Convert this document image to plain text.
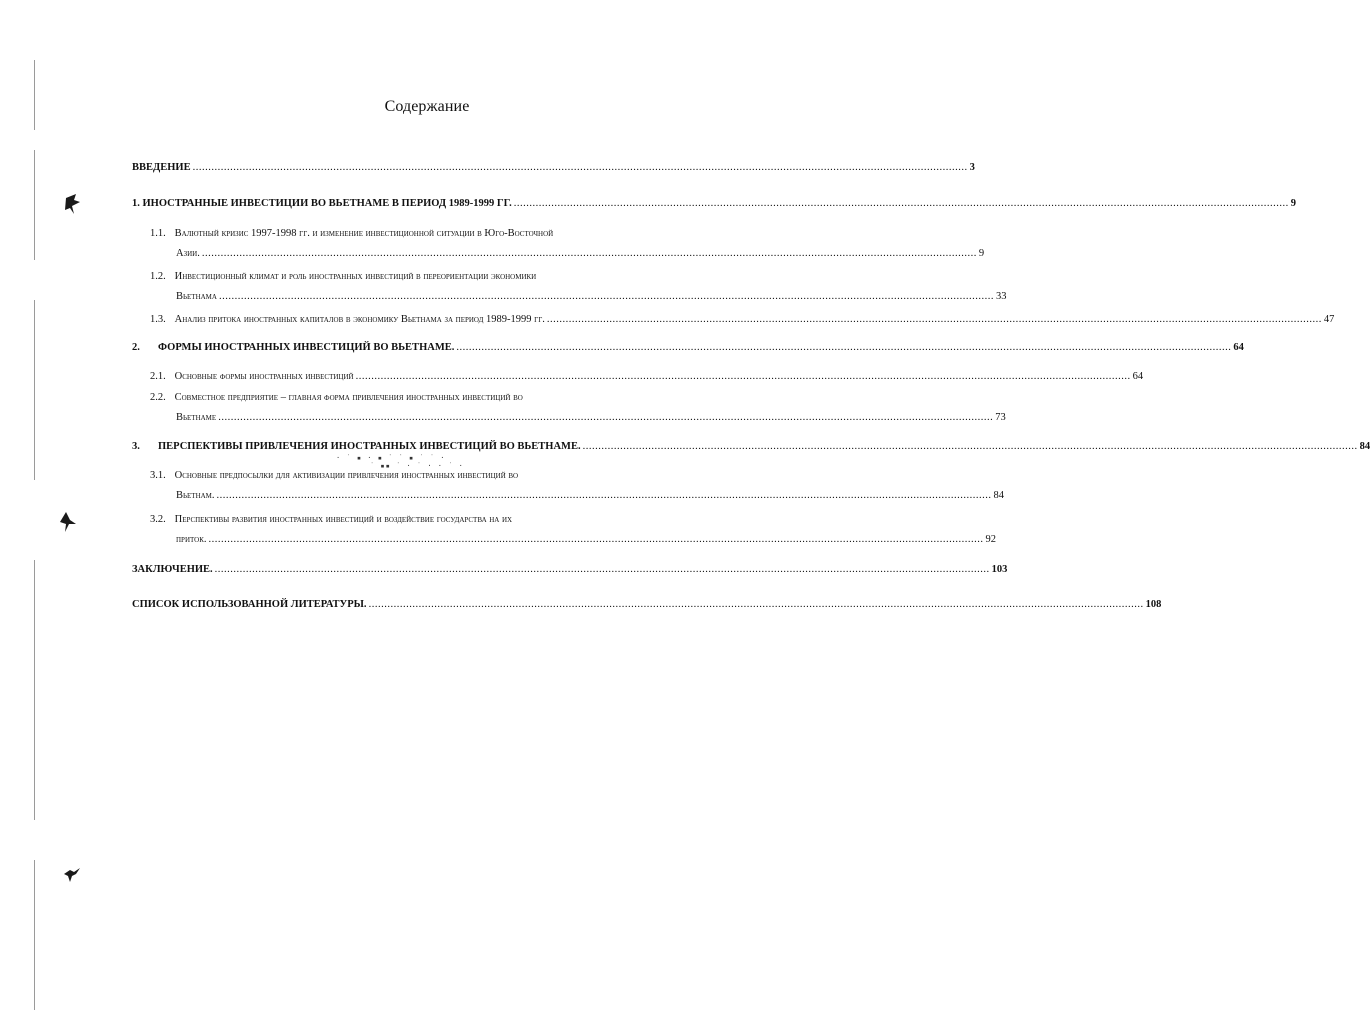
Содержание
ВВЕДЕНИЕ ........................................................................................................................................................................................................................................................ 3
1. ИНОСТРАННЫЕ ИНВЕСТИЦИИ ВО ВЬЕТНАМЕ В ПЕРИОД 1989-1999 ГГ. ........................................................................................................................................................................................................................................................ 9
1.1. Валютный кризис 1997-1998 гг. и изменение инвестиционной ситуации в Юго-Восточной
Азии. ........................................................................................................................................................................................................................................................ 9
1.2. Инвестиционный климат и роль иностранных инвестиций в переориентации экономики
Вьетнама ........................................................................................................................................................................................................................................................ 33
1.3. Анализ притока иностранных капиталов в экономику Вьетнама за период 1989-1999 гг. ........................................................................................................................................................................................................................................................ 47
2. ФОРМЫ ИНОСТРАННЫХ ИНВЕСТИЦИЙ ВО ВЬЕТНАМЕ. ........................................................................................................................................................................................................................................................ 64
2.1. Основные формы иностранных инвестиций ........................................................................................................................................................................................................................................................ 64
2.2. Совместное предприятие – главная форма привлечения иностранных инвестиций во
Вьетнаме ........................................................................................................................................................................................................................................................ 73
3. ПЕРСПЕКТИВЫ ПРИВЛЕЧЕНИЯ ИНОСТРАННЫХ ИНВЕСТИЦИЙ ВО ВЬЕТНАМЕ. ........................................................................................................................................................................................................................................................ 84
· ˙ ▪ · ▪ ˙ ˙ ▪ ˙ ˙ ·
˙ ▪▪ ˙ · ˙ · · ˙ ·
3.1. Основные предпосылки для активизации привлечения иностранных инвестиций во
Вьетнам. ........................................................................................................................................................................................................................................................ 84
3.2. Перспективы развития иностранных инвестиций и воздействие государства на их
приток. ........................................................................................................................................................................................................................................................ 92
ЗАКЛЮЧЕНИЕ. ........................................................................................................................................................................................................................................................ 103
СПИСОК ИСПОЛЬЗОВАННОЙ ЛИТЕРАТУРЫ. ........................................................................................................................................................................................................................................................ 108
